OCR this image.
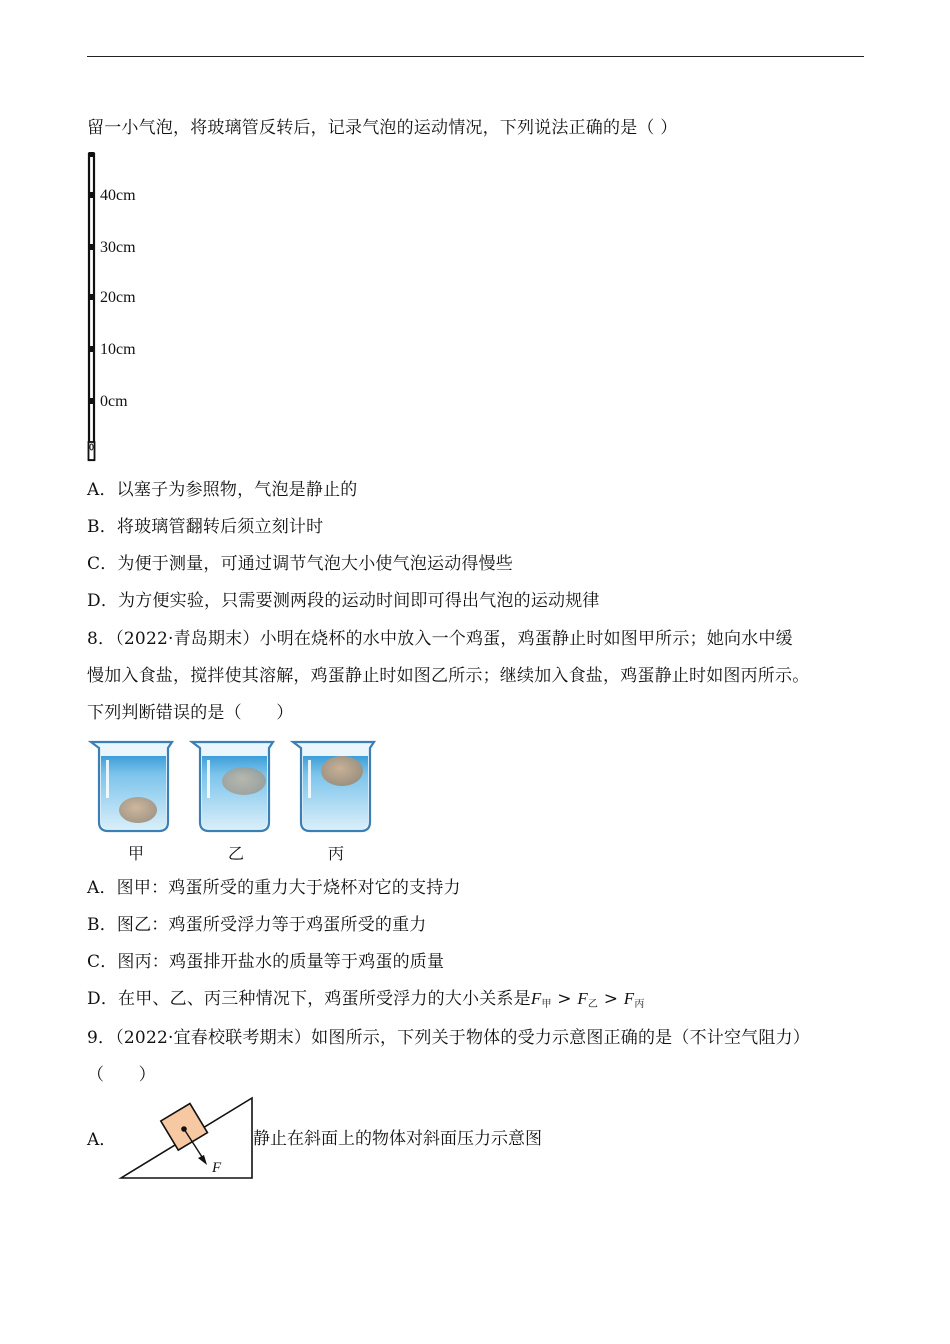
留一小气泡，将玻璃管反转后，记录气泡的运动情况，下列说法正确的是（ ）
40cm
30cm
20cm
10cm
0cm
A．以塞子为参照物，气泡是静止的
B．将玻璃管翻转后须立刻计时
C．为便于测量，可通过调节气泡大小使气泡运动得慢些
D．为方便实验，只需要测两段的运动时间即可得出气泡的运动规律
8．（2022·青岛期末）小明在烧杯的水中放入一个鸡蛋，鸡蛋静止时如图甲所示；她向水中缓
慢加入食盐，搅拌使其溶解，鸡蛋静止时如图乙所示；继续加入食盐，鸡蛋静止时如图丙所示。
下列判断错误的是（　　）
甲	乙	丙
A．图甲：鸡蛋所受的重力大于烧杯对它的支持力
B．图乙：鸡蛋所受浮力等于鸡蛋所受的重力
C．图丙：鸡蛋排开盐水的质量等于鸡蛋的质量
D．在甲、乙、丙三种情况下，鸡蛋所受浮力的大小关系是$F_甲 > F_乙 > F_丙$
9．（2022·宜春校联考期末）如图所示，下列关于物体的受力示意图正确的是（不计空气阻力）
（　　）
A．
F
静止在斜面上的物体对斜面压力示意图
